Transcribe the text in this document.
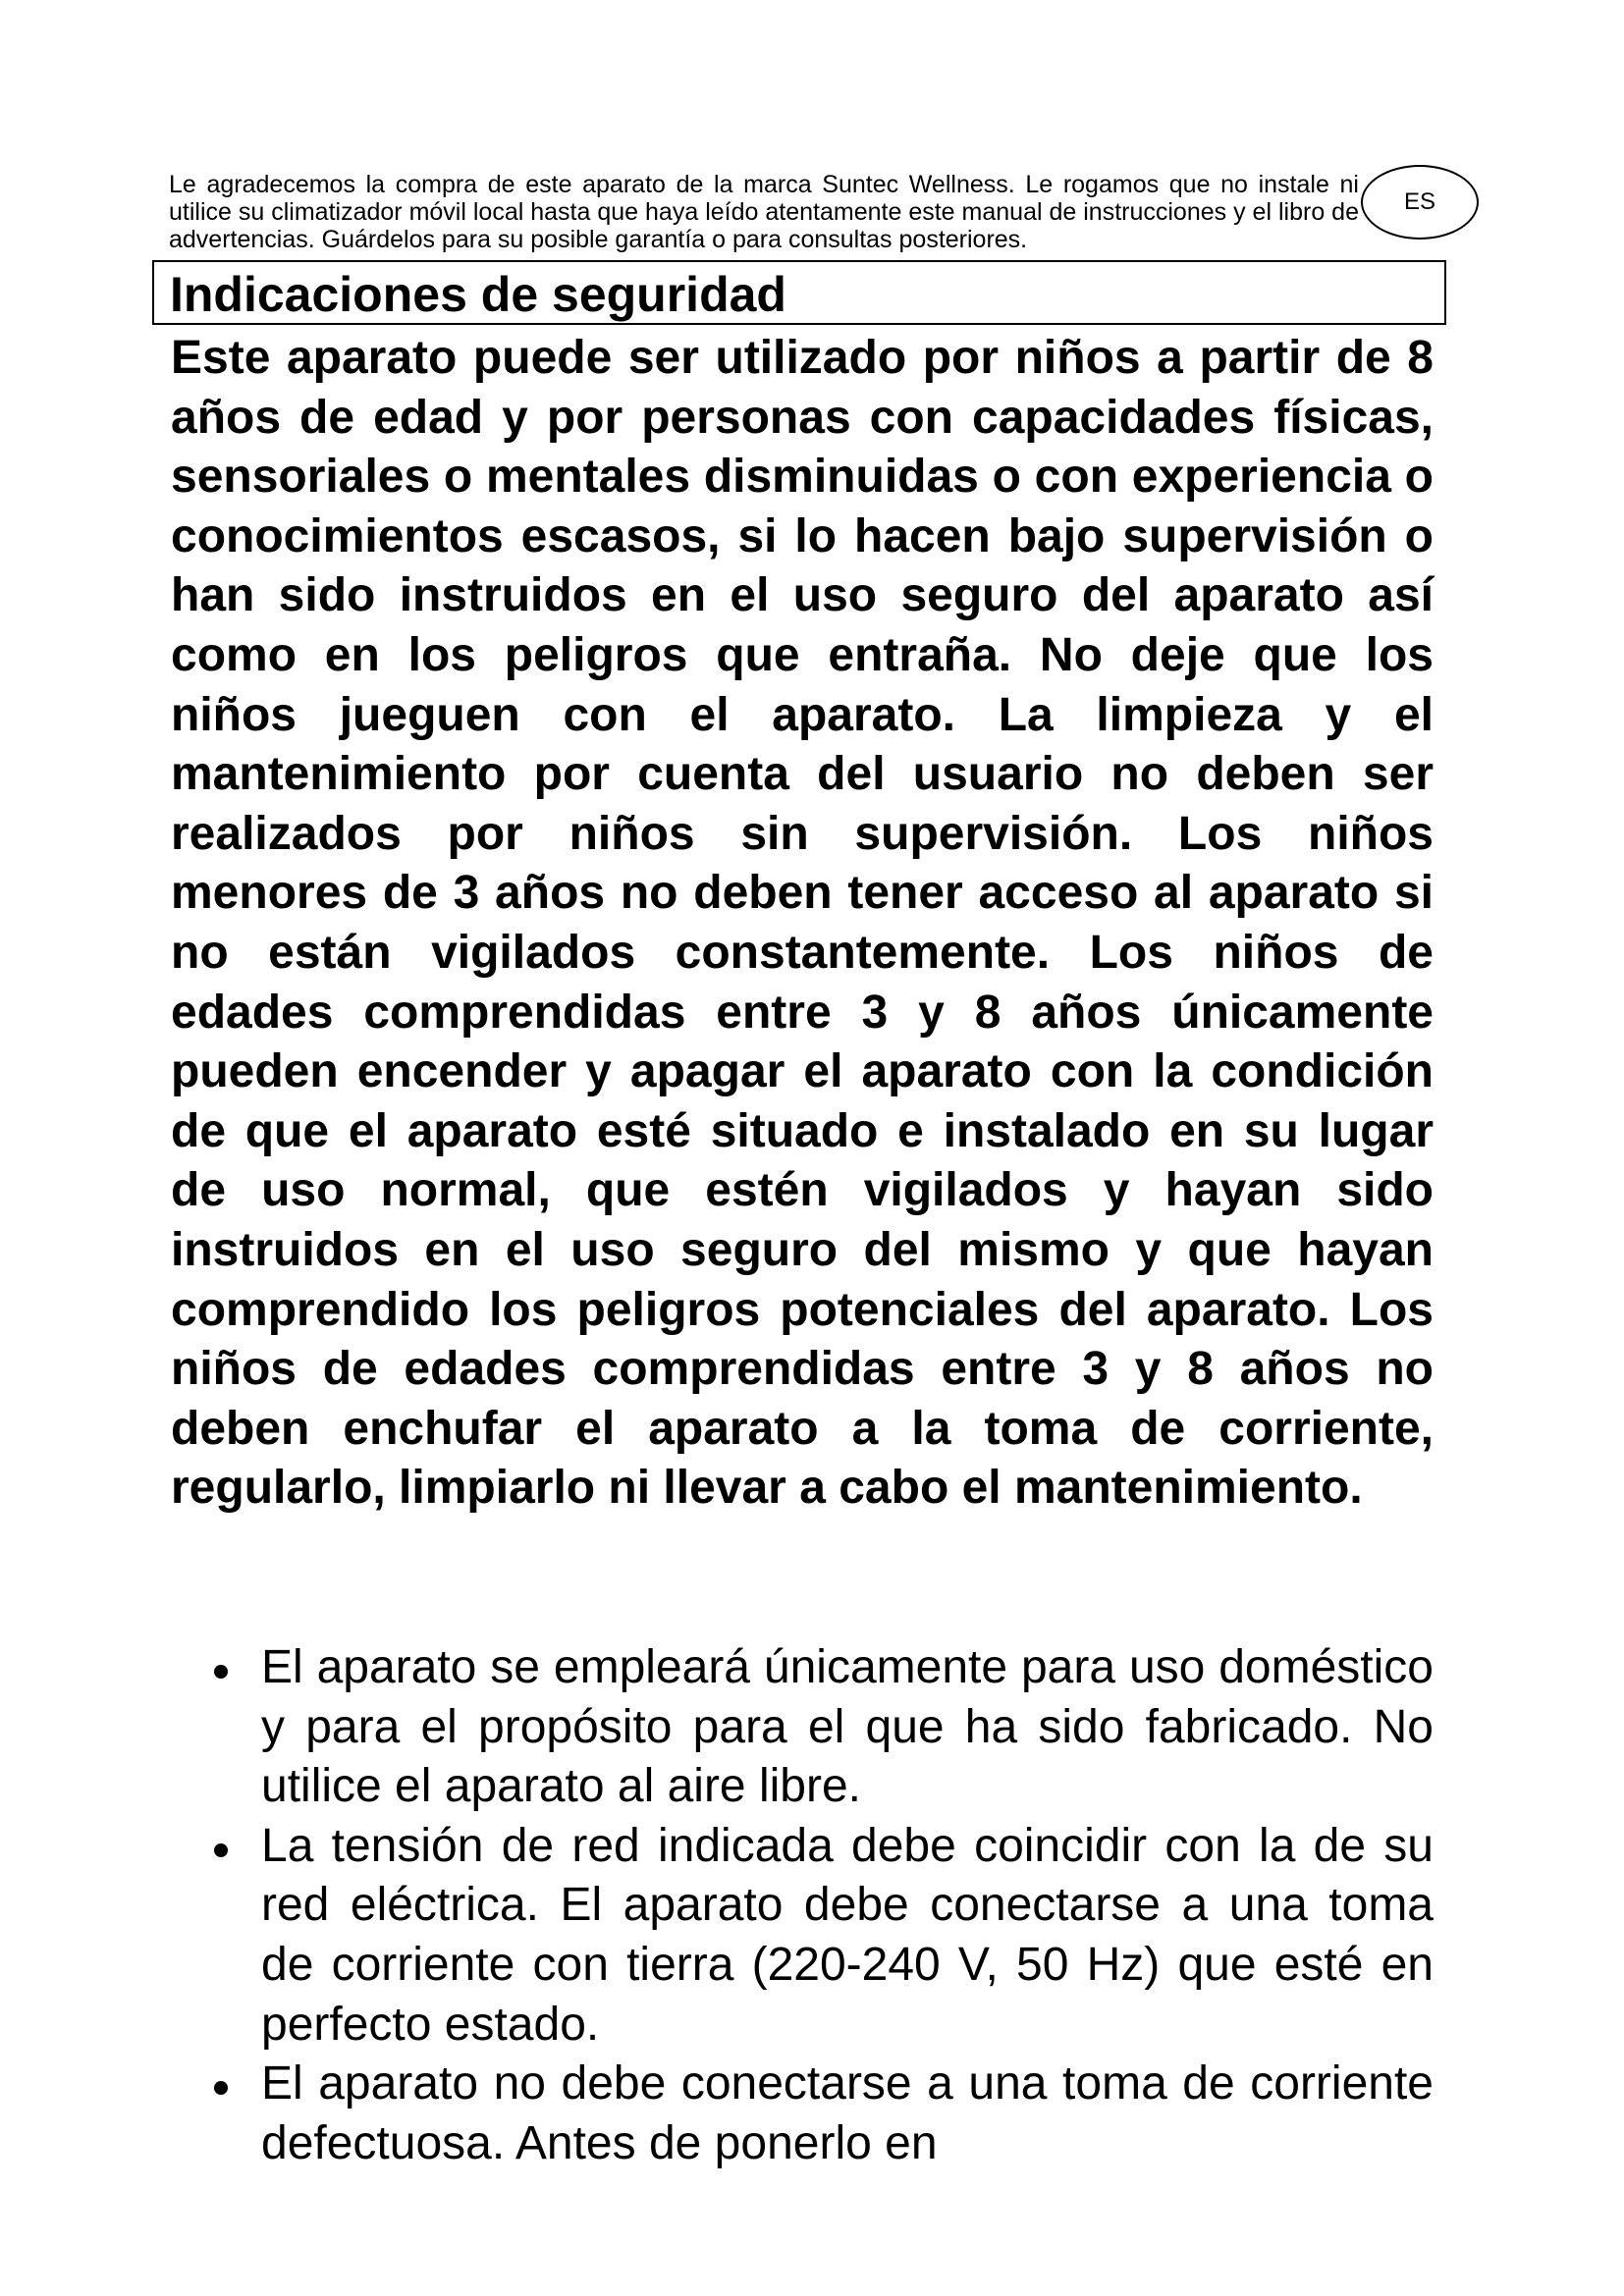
Le agradecemos la compra de este aparato de la marca Suntec Wellness. Le rogamos que no instale ni utilice su climatizador móvil local hasta que haya leído atentamente este manual de instrucciones y el libro de advertencias. Guárdelos para su posible garantía o para consultas posteriores.

ES
Indicaciones de seguridad

Este aparato puede ser utilizado por niños a partir de 8 años de edad y por personas con capacidades físicas, sensoriales o mentales disminuidas o con experiencia o conocimientos escasos, si lo hacen bajo supervisión o han sido instruidos en el uso seguro del aparato así como en los peligros que entraña. No deje que los niños jueguen con el aparato. La limpieza y el mantenimiento por cuenta del usuario no deben ser realizados por niños sin supervisión. Los niños menores de 3 años no deben tener acceso al aparato si no están vigilados constantemente. Los niños de edades comprendidas entre 3 y 8 años únicamente pueden encender y apagar el aparato con la condición de que el aparato esté situado e instalado en su lugar de uso normal, que estén vigilados y hayan sido instruidos en el uso seguro del mismo y que hayan comprendido los peligros potenciales del aparato. Los niños de edades comprendidas entre 3 y 8 años no deben enchufar el aparato a la toma de corriente, regularlo, limpiarlo ni llevar a cabo el mantenimiento.

El aparato se empleará únicamente para uso doméstico y para el propósito para el que ha sido fabricado. No utilice el aparato al aire libre.
La tensión de red indicada debe coincidir con la de su red eléctrica. El aparato debe conectarse a una toma de corriente con tierra (220-240 V, 50 Hz) que esté en perfecto estado.
El aparato no debe conectarse a una toma de corriente defectuosa. Antes de ponerlo en
